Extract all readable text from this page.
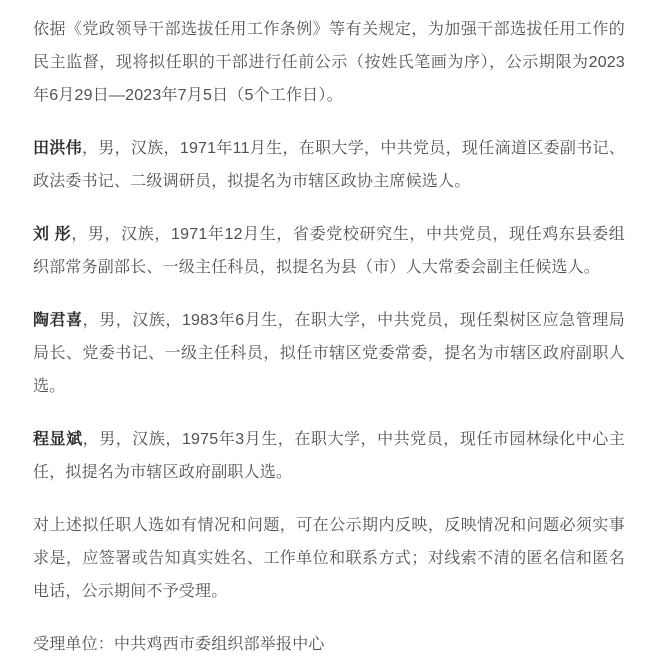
依据《党政领导干部选拔任用工作条例》等有关规定，为加强干部选拔任用工作的民主监督，现将拟任职的干部进行任前公示（按姓氏笔画为序），公示期限为2023年6月29日—2023年7月5日（5个工作日）。

田洪伟，男，汉族，1971年11月生，在职大学，中共党员，现任滴道区委副书记、政法委书记、二级调研员，拟提名为市辖区政协主席候选人。

刘 彤，男，汉族，1971年12月生，省委党校研究生，中共党员，现任鸡东县委组织部常务副部长、一级主任科员，拟提名为县（市）人大常委会副主任候选人。

陶君喜，男，汉族，1983年6月生，在职大学，中共党员，现任梨树区应急管理局局长、党委书记、一级主任科员，拟任市辖区党委常委，提名为市辖区政府副职人选。

程显斌，男，汉族，1975年3月生，在职大学，中共党员，现任市园林绿化中心主任，拟提名为市辖区政府副职人选。

对上述拟任职人选如有情况和问题，可在公示期内反映，反映情况和问题必须实事求是，应签署或告知真实姓名、工作单位和联系方式；对线索不清的匿名信和匿名电话，公示期间不予受理。

受理单位：中共鸡西市委组织部举报中心
